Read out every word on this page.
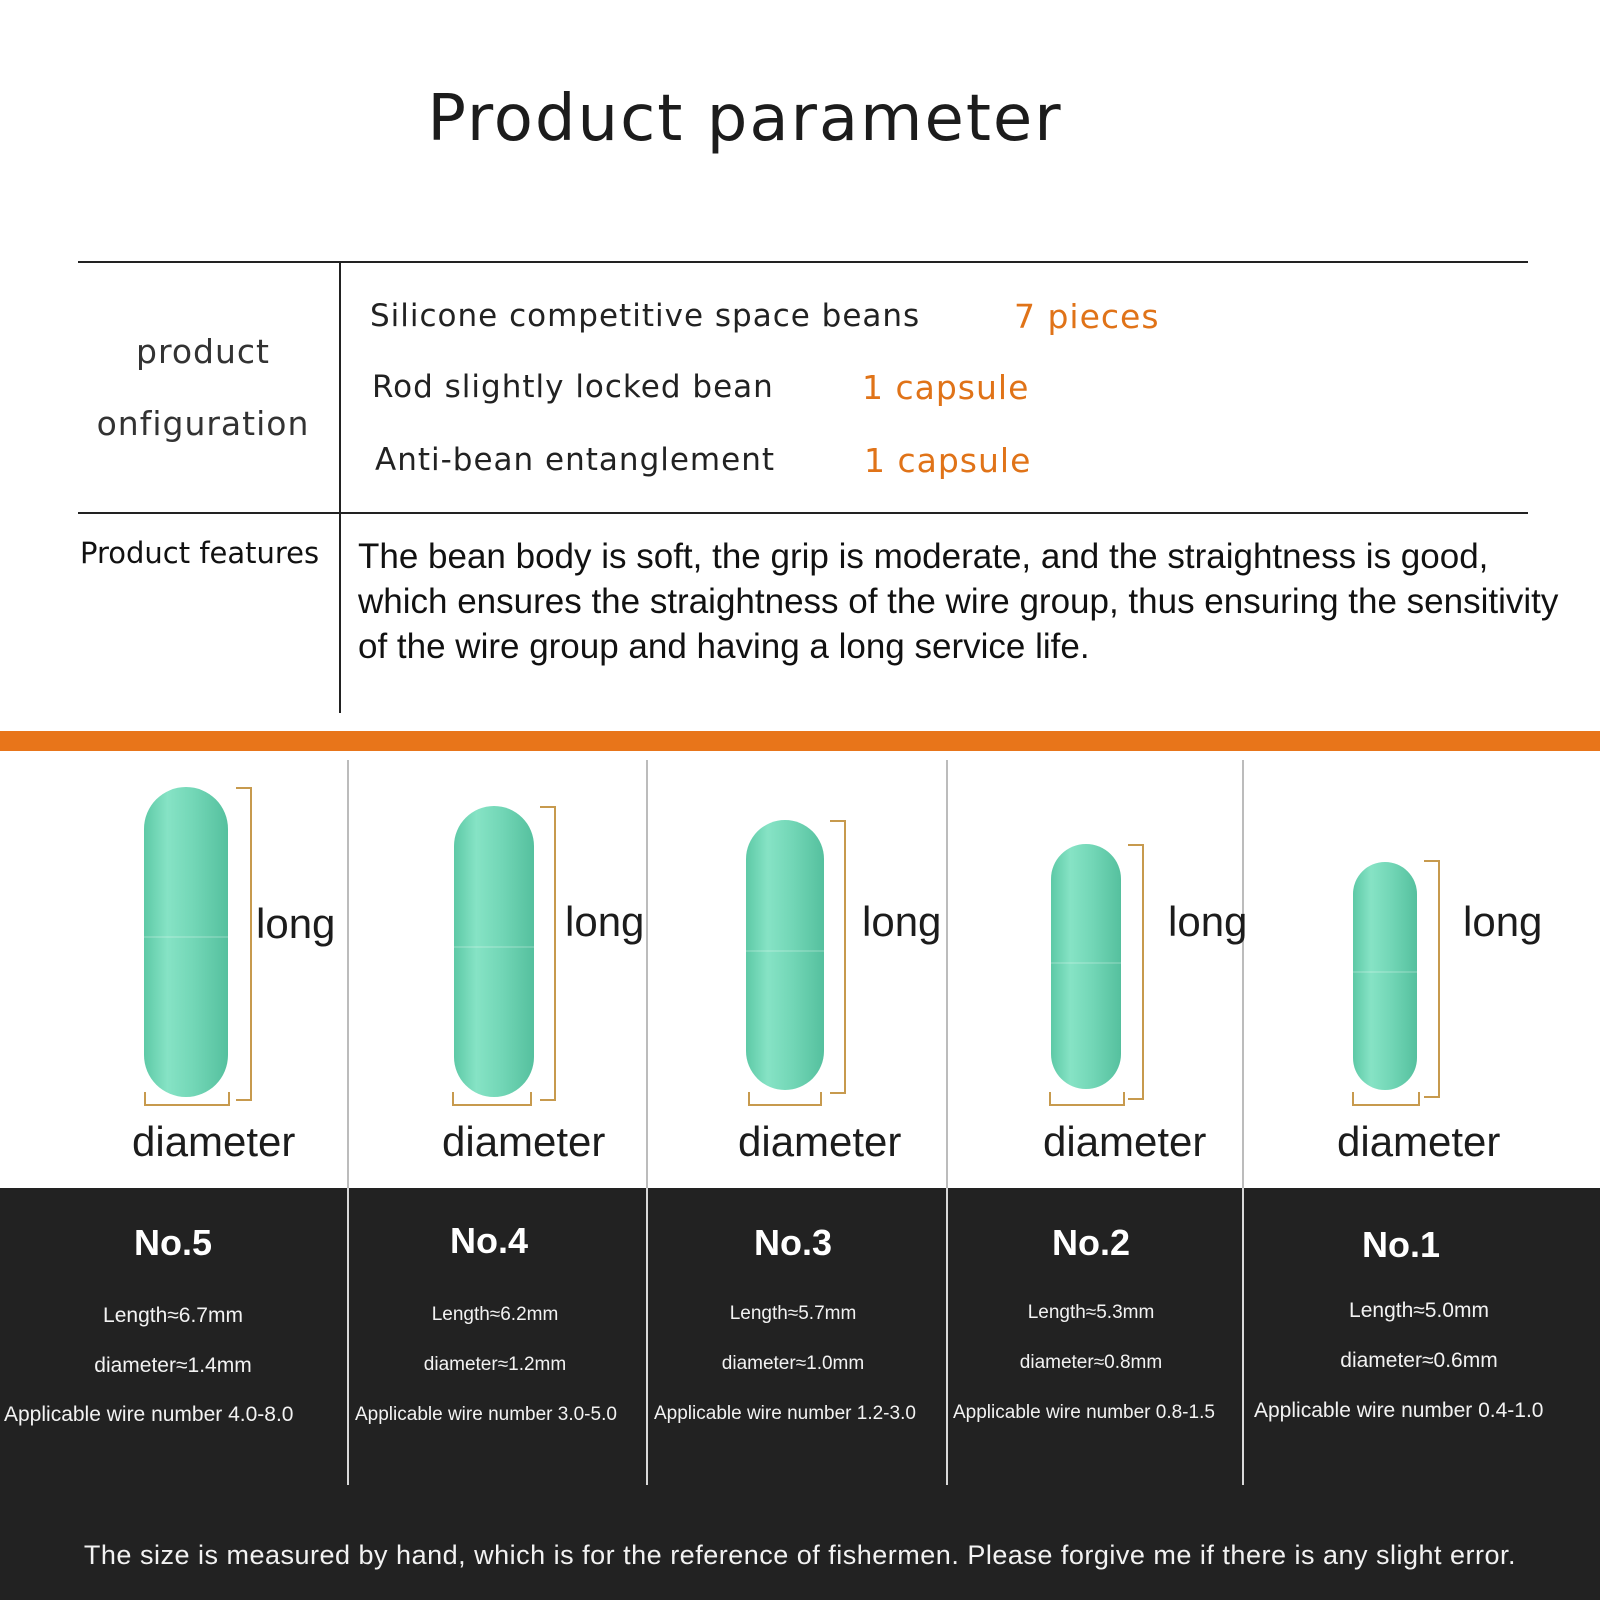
Product parameter
product
onfiguration
Silicone competitive space beans	7 pieces
Rod slightly locked bean	1 capsule
Anti-bean entanglement	1 capsule
Product features The bean body is soft, the grip is moderate, and the straightness is good, which ensures the straightness of the wire group, thus ensuring the sensitivity of the wire group and having a long service life.
long
diameter
long
diameter
long
diameter
long
diameter
long
diameter
No.5
Length≈6.7mm
diameter≈1.4mm
Applicable wire number 4.0-8.0
No.4
Length≈6.2mm
diameter≈1.2mm
Applicable wire number 3.0-5.0
No.3
Length≈5.7mm
diameter≈1.0mm
Applicable wire number 1.2-3.0
No.2
Length≈5.3mm
diameter≈0.8mm
Applicable wire number 0.8-1.5
No.1
Length≈5.0mm
diameter≈0.6mm
Applicable wire number 0.4-1.0
The size is measured by hand, which is for the reference of fishermen. Please forgive me if there is any slight error.
